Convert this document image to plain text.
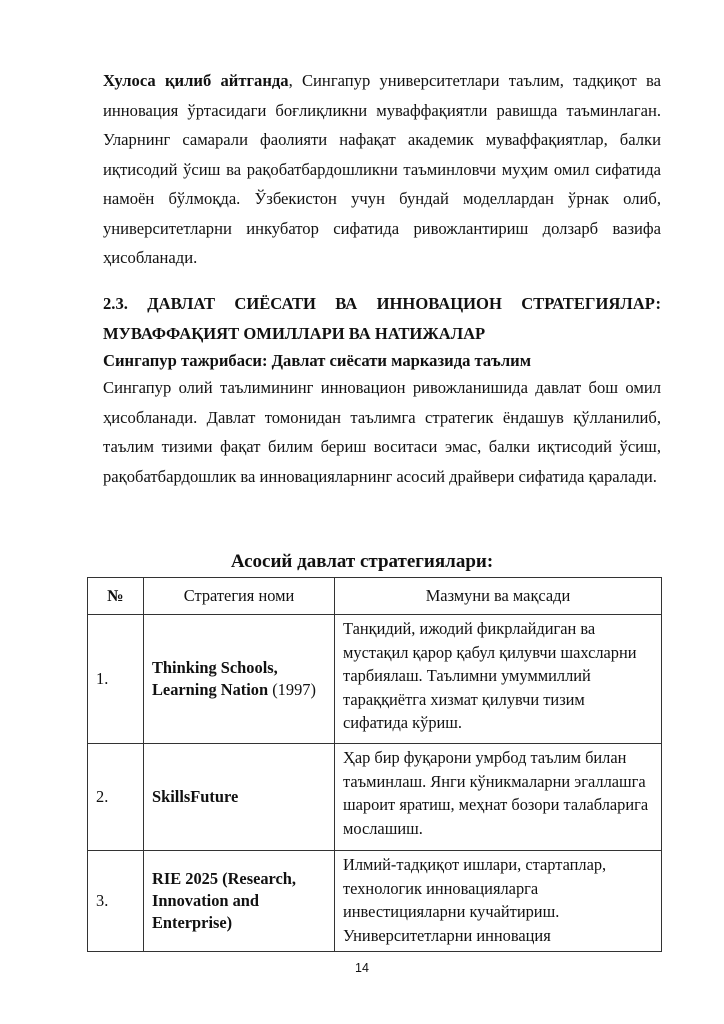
Хулоса қилиб айтганда, Сингапур университетлари таълим, тадқиқот ва инновация ўртасидаги боғлиқликни муваффақиятли равишда таъминлаган. Уларнинг самарали фаолияти нафақат академик муваффақиятлар, балки иқтисодий ўсиш ва рақобатбардошликни таъминловчи муҳим омил сифатида намоён бўлмоқда. Ўзбекистон учун бундай моделлардан ўрнак олиб, университетларни инкубатор сифатида ривожлантириш долзарб вазифа ҳисобланади.

2.3. ДАВЛАТ СИЁСАТИ ВА ИННОВАЦИОН СТРАТЕГИЯЛАР:
МУВАФФАҚИЯТ ОМИЛЛАРИ ВА НАТИЖАЛАР
Сингапур тажрибаси: Давлат сиёсати марказида таълим

Сингапур олий таълимининг инновацион ривожланишида давлат бош омил ҳисобланади. Давлат томонидан таълимга стратегик ёндашув қўлланилиб, таълим тизими фақат билим бериш воситаси эмас, балки иқтисодий ўсиш, рақобатбардошлик ва инновацияларнинг асосий драйвери сифатида қаралади.

Асосий давлат стратегиялари:

№	Стратегия номи	Мазмуни ва мақсади
1.	Thinking Schools, Learning Nation (1997)	Танқидий, ижодий фикрлайдиган ва мустақил қарор қабул қилувчи шахсларни тарбиялаш. Таълимни умуммиллий тараққиётга хизмат қилувчи тизим сифатида кўриш.
2.	SkillsFuture	Ҳар бир фуқарони умрбод таълим билан таъминлаш. Янги кўникмаларни эгаллашга шароит яратиш, меҳнат бозори талабларига мослашиш.
3.	RIE 2025 (Research, Innovation and Enterprise)	Илмий-тадқиқот ишлари, стартаплар, технологик инновацияларга инвестицияларни кучайтириш. Университетларни инновация
14
